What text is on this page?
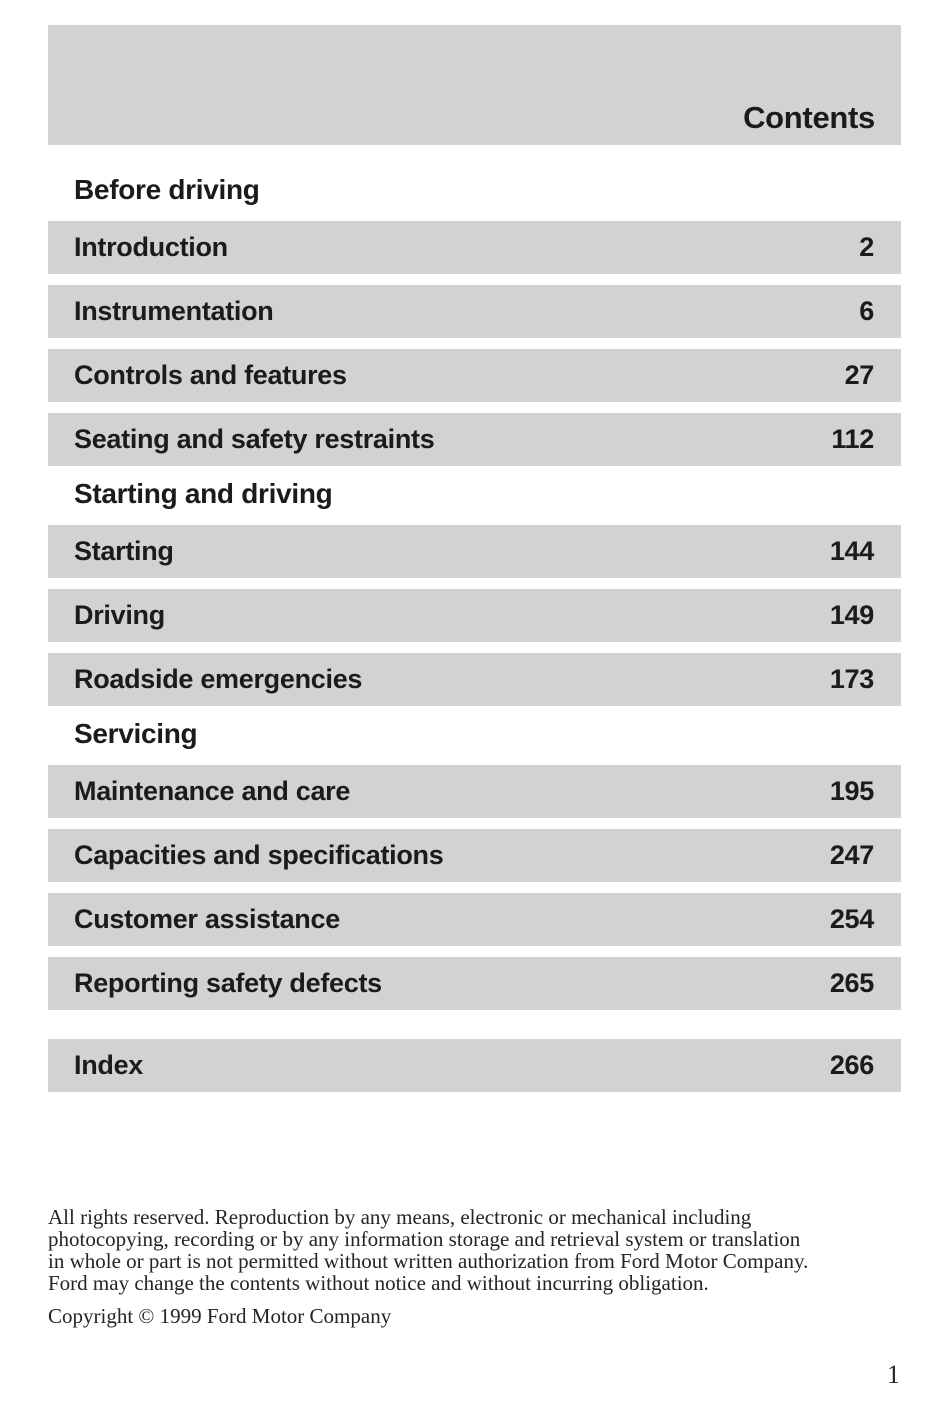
Contents
Before driving
Introduction	2
Instrumentation	6
Controls and features	27
Seating and safety restraints	112
Starting and driving
Starting	144
Driving	149
Roadside emergencies	173
Servicing
Maintenance and care	195
Capacities and specifications	247
Customer assistance	254
Reporting safety defects	265
Index	266
All rights reserved. Reproduction by any means, electronic or mechanical including
photocopying, recording or by any information storage and retrieval system or translation
in whole or part is not permitted without written authorization from Ford Motor Company.
Ford may change the contents without notice and without incurring obligation.
Copyright © 1999 Ford Motor Company
1
